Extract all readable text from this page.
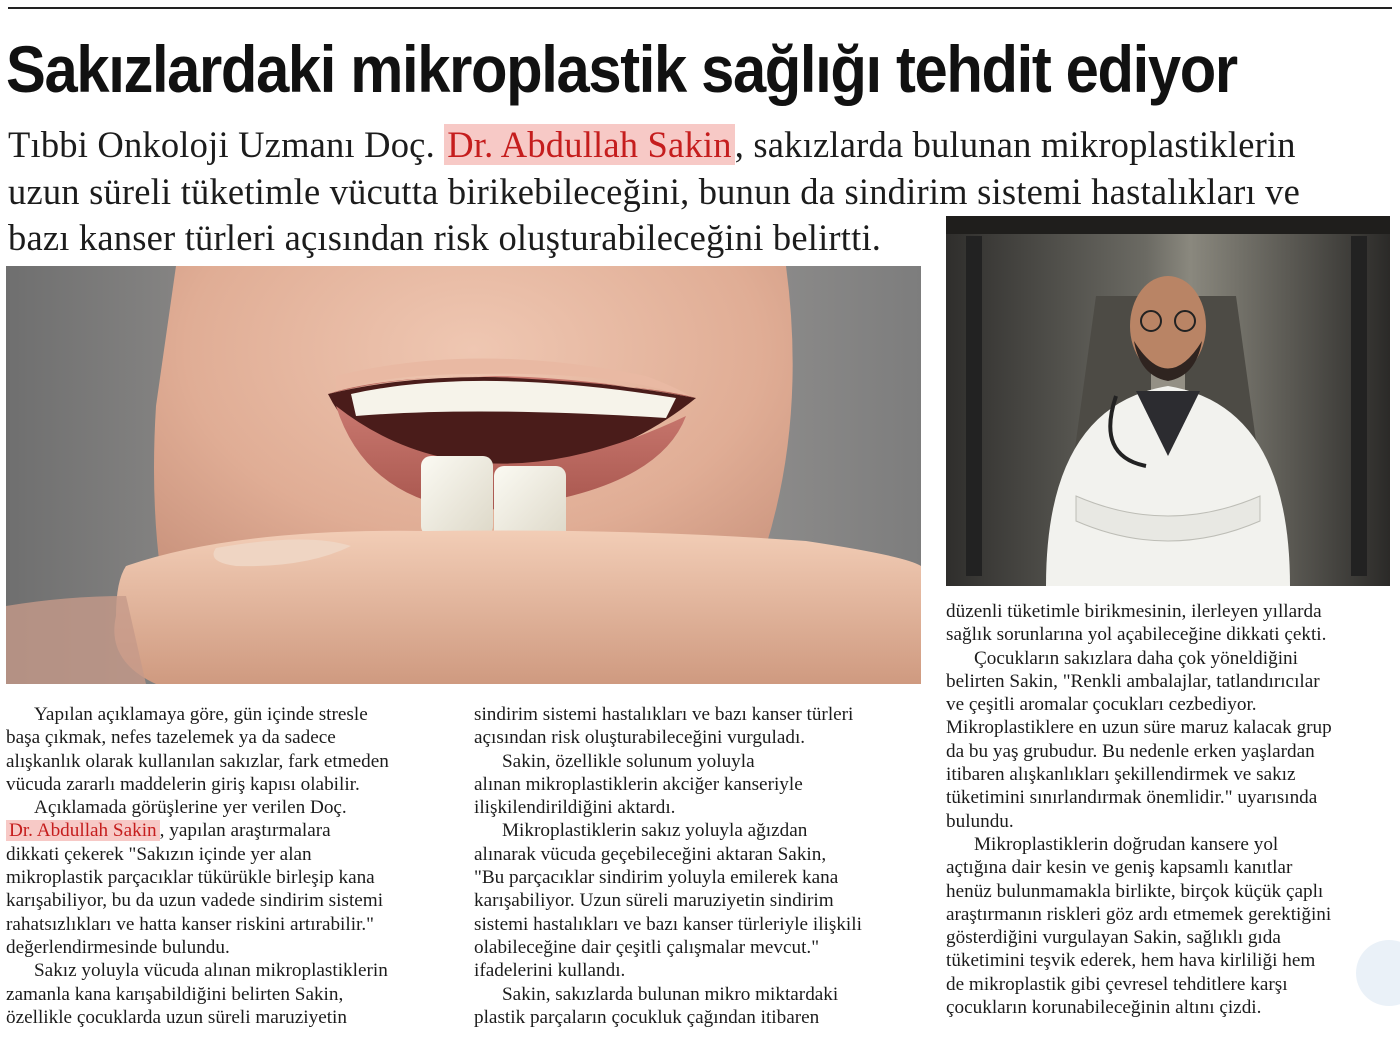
Sakızlardaki mikroplastik sağlığı tehdit ediyor
Tıbbi Onkoloji Uzmanı Doç. Dr. Abdullah Sakin, sakızlarda bulunan mikroplastiklerin
uzun süreli tüketimle vücutta birikebileceğini, bunun da sindirim sistemi hastalıkları ve
bazı kanser türleri açısından risk oluşturabileceğini belirtti.
Yapılan açıklamaya göre, gün içinde stresle
başa çıkmak, nefes tazelemek ya da sadece
alışkanlık olarak kullanılan sakızlar, fark etmeden
vücuda zararlı maddelerin giriş kapısı olabilir.
Açıklamada görüşlerine yer verilen Doç.
Dr. Abdullah Sakin , yapılan araştırmalara
dikkati çekerek "Sakızın içinde yer alan
mikroplastik parçacıklar tükürükle birleşip kana
karışabiliyor, bu da uzun vadede sindirim sistemi
rahatsızlıkları ve hatta kanser riskini artırabilir."
değerlendirmesinde bulundu.
Sakız yoluyla vücuda alınan mikroplastiklerin
zamanla kana karışabildiğini belirten Sakin,
özellikle çocuklarda uzun süreli maruziyetin
sindirim sistemi hastalıkları ve bazı kanser türleri
açısından risk oluşturabileceğini vurguladı.
Sakin, özellikle solunum yoluyla
alınan mikroplastiklerin akciğer kanseriyle
ilişkilendirildiğini aktardı.
Mikroplastiklerin sakız yoluyla ağızdan
alınarak vücuda geçebileceğini aktaran Sakin,
"Bu parçacıklar sindirim yoluyla emilerek kana
karışabiliyor. Uzun süreli maruziyetin sindirim
sistemi hastalıkları ve bazı kanser türleriyle ilişkili
olabileceğine dair çeşitli çalışmalar mevcut."
ifadelerini kullandı.
Sakin, sakızlarda bulunan mikro miktardaki
plastik parçaların çocukluk çağından itibaren
düzenli tüketimle birikmesinin, ilerleyen yıllarda
sağlık sorunlarına yol açabileceğine dikkati çekti.
Çocukların sakızlara daha çok yöneldiğini
belirten Sakin, "Renkli ambalajlar, tatlandırıcılar
ve çeşitli aromalar çocukları cezbediyor.
Mikroplastiklere en uzun süre maruz kalacak grup
da bu yaş grubudur. Bu nedenle erken yaşlardan
itibaren alışkanlıkları şekillendirmek ve sakız
tüketimini sınırlandırmak önemlidir." uyarısında
bulundu.
Mikroplastiklerin doğrudan kansere yol
açtığına dair kesin ve geniş kapsamlı kanıtlar
henüz bulunmamakla birlikte, birçok küçük çaplı
araştırmanın riskleri göz ardı etmemek gerektiğini
gösterdiğini vurgulayan Sakin, sağlıklı gıda
tüketimini teşvik ederek, hem hava kirliliği hem
de mikroplastik gibi çevresel tehditlere karşı
çocukların korunabileceğinin altını çizdi.
